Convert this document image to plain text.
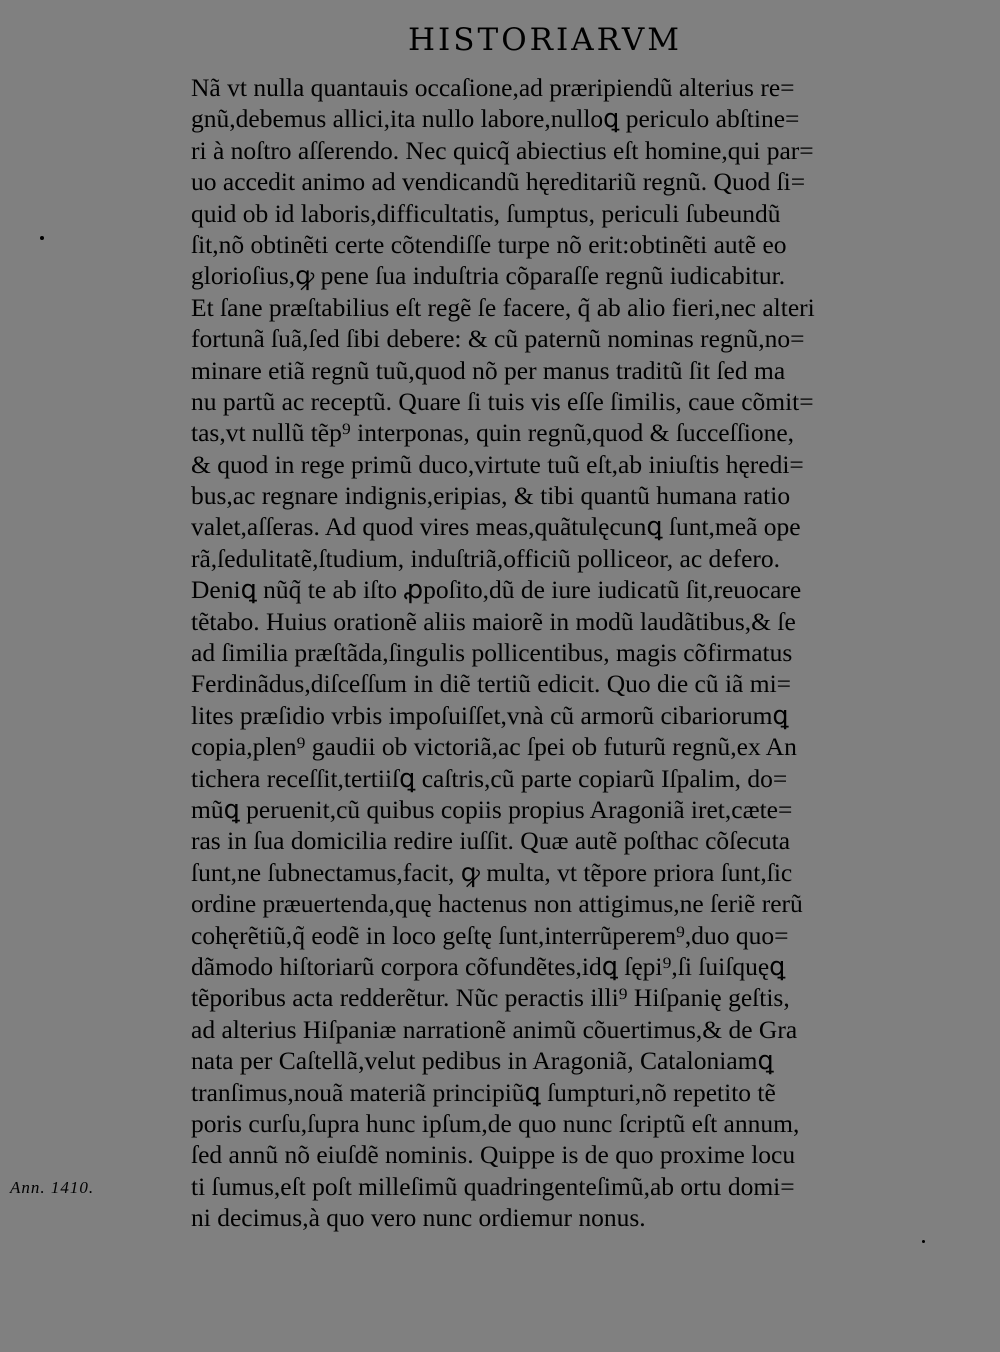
HISTORIARVM
Nã vt nulla quantauis occaſione,ad præripiendũ alterius re=
gnũ,debemus allici,ita nullo labore,nulloꝗ periculo abſtine=
ri à noſtro aſſerendo. Nec quicq̃ abiectius eſt homine,qui par=
uo accedit animo ad vendicandũ hęreditariũ regnũ. Quod ſi=
quid ob id laboris,difficultatis, ſumptus, periculi ſubeundũ
ſit,nõ obtinẽti certe cõtendiſſe turpe nõ erit:obtinẽti autẽ eo
glorioſius,ꝙ pene ſua induſtria cõparaſſe regnũ iudicabitur.
Et ſane præſtabilius eſt regẽ ſe facere, q̃ ab alio fieri,nec alteri
fortunã ſuã,ſed ſibi debere: & cũ paternũ nominas regnũ,no=
minare etiã regnũ tuũ,quod nõ per manus traditũ ſit ſed ma
nu partũ ac receptũ. Quare ſi tuis vis eſſe ſimilis, caue cõmit=
tas,vt nullũ tẽp⁹ interponas, quin regnũ,quod & ſucceſſione,
& quod in rege primũ duco,virtute tuũ eſt,ab iniuſtis hęredi=
bus,ac regnare indignis,eripias, & tibi quantũ humana ratio
valet,aſſeras. Ad quod vires meas,quãtulęcunꝗ ſunt,meã ope
rã,ſedulitatẽ,ſtudium, induſtriã,officiũ polliceor, ac defero.
Deniꝗ nũq̃ te ab iſto ꝓpoſito,dũ de iure iudicatũ ſit,reuocare
tẽtabo. Huius orationẽ aliis maiorẽ in modũ laudãtibus,& ſe
ad ſimilia præſtãda,ſingulis pollicentibus, magis cõfirmatus
Ferdinãdus,diſceſſum in diẽ tertiũ edicit. Quo die cũ iã mi=
lites præſidio vrbis impoſuiſſet,vnà cũ armorũ cibariorumꝗ
copia,plen⁹ gaudii ob victoriã,ac ſpei ob futurũ regnũ,ex An
tichera receſſit,tertiiſꝗ caſtris,cũ parte copiarũ Iſpalim, do=
mũꝗ peruenit,cũ quibus copiis propius Aragoniã iret,cæte=
ras in ſua domicilia redire iuſſit. Quæ autẽ poſthac cõſecuta
ſunt,ne ſubnectamus,facit, ꝙ multa, vt tẽpore priora ſunt,ſic
ordine præuertenda,quę hactenus non attigimus,ne ſeriẽ rerũ
cohęrẽtiũ,q̃ eodẽ in loco geſtę ſunt,interrũperem⁹,duo quo=
dãmodo hiſtoriarũ corpora cõfundẽtes,idꝗ ſępi⁹,ſi ſuiſquęꝗ
tẽporibus acta redderẽtur. Nũc peractis illi⁹ Hiſpanię geſtis,
ad alterius Hiſpaniæ narrationẽ animũ cõuertimus,& de Gra
nata per Caſtellã,velut pedibus in Aragoniã, Cataloniamꝗ
tranſimus,nouã materiã principiũꝗ ſumpturi,nõ repetito tẽ
poris curſu,ſupra hunc ipſum,de quo nunc ſcriptũ eſt annum,
ſed annũ nõ eiuſdẽ nominis. Quippe is de quo proxime locu
ti ſumus,eſt poſt milleſimũ quadringenteſimũ,ab ortu domi=
ni decimus,à quo vero nunc ordiemur nonus.
Ann. 1410.
